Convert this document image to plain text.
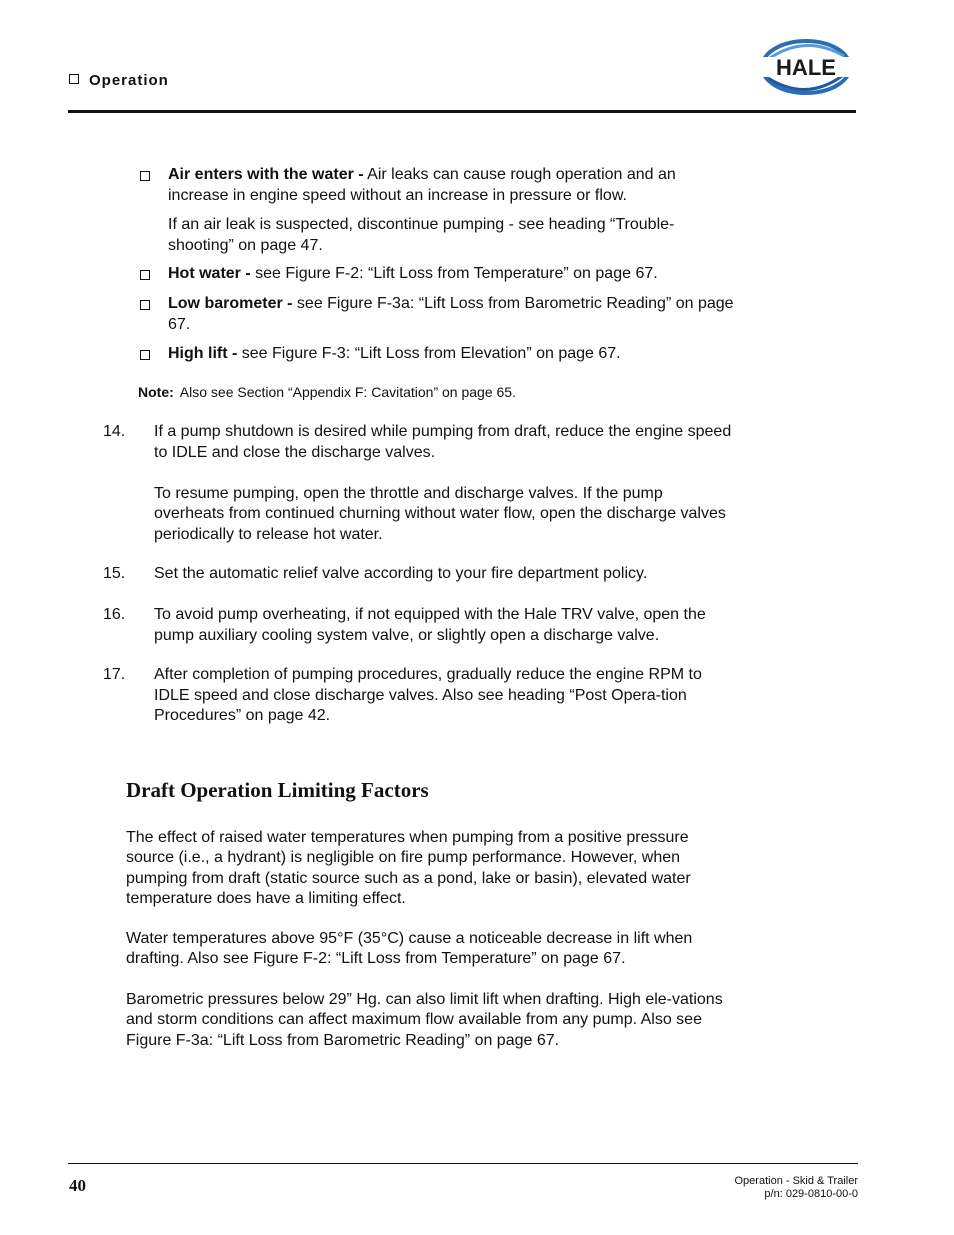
Operation
HALE
Air enters with the water - Air leaks can cause rough operation and an increase in engine speed without an increase in pressure or flow.
If an air leak is suspected, discontinue pumping - see heading “Trouble-shooting” on page 47.
Hot water - see Figure F-2: “Lift Loss from Temperature” on page 67.
Low barometer - see Figure F-3a: “Lift Loss from Barometric Reading” on page 67.
High lift - see Figure F-3: “Lift Loss from Elevation” on page 67.
Note: Also see Section “Appendix F: Cavitation” on page 65.
14. If a pump shutdown is desired while pumping from draft, reduce the engine speed to IDLE and close the discharge valves.

To resume pumping, open the throttle and discharge valves. If the pump overheats from continued churning without water flow, open the discharge valves periodically to release hot water.

15. Set the automatic relief valve according to your fire department policy.

16. To avoid pump overheating, if not equipped with the Hale TRV valve, open the pump auxiliary cooling system valve, or slightly open a discharge valve.

17. After completion of pumping procedures, gradually reduce the engine RPM to IDLE speed and close discharge valves. Also see heading “Post Opera-tion Procedures” on page 42.

Draft Operation Limiting Factors
The effect of raised water temperatures when pumping from a positive pressure source (i.e., a hydrant) is negligible on fire pump performance. However, when pumping from draft (static source such as a pond, lake or basin), elevated water temperature does have a limiting effect.
Water temperatures above 95°F (35°C) cause a noticeable decrease in lift when drafting. Also see Figure F-2: “Lift Loss from Temperature” on page 67.
Barometric pressures below 29” Hg. can also limit lift when drafting. High ele-vations and storm conditions can affect maximum flow available from any pump. Also see Figure F-3a: “Lift Loss from Barometric Reading” on page 67.
40	Operation - Skid & Trailer
p/n: 029-0810-00-0
